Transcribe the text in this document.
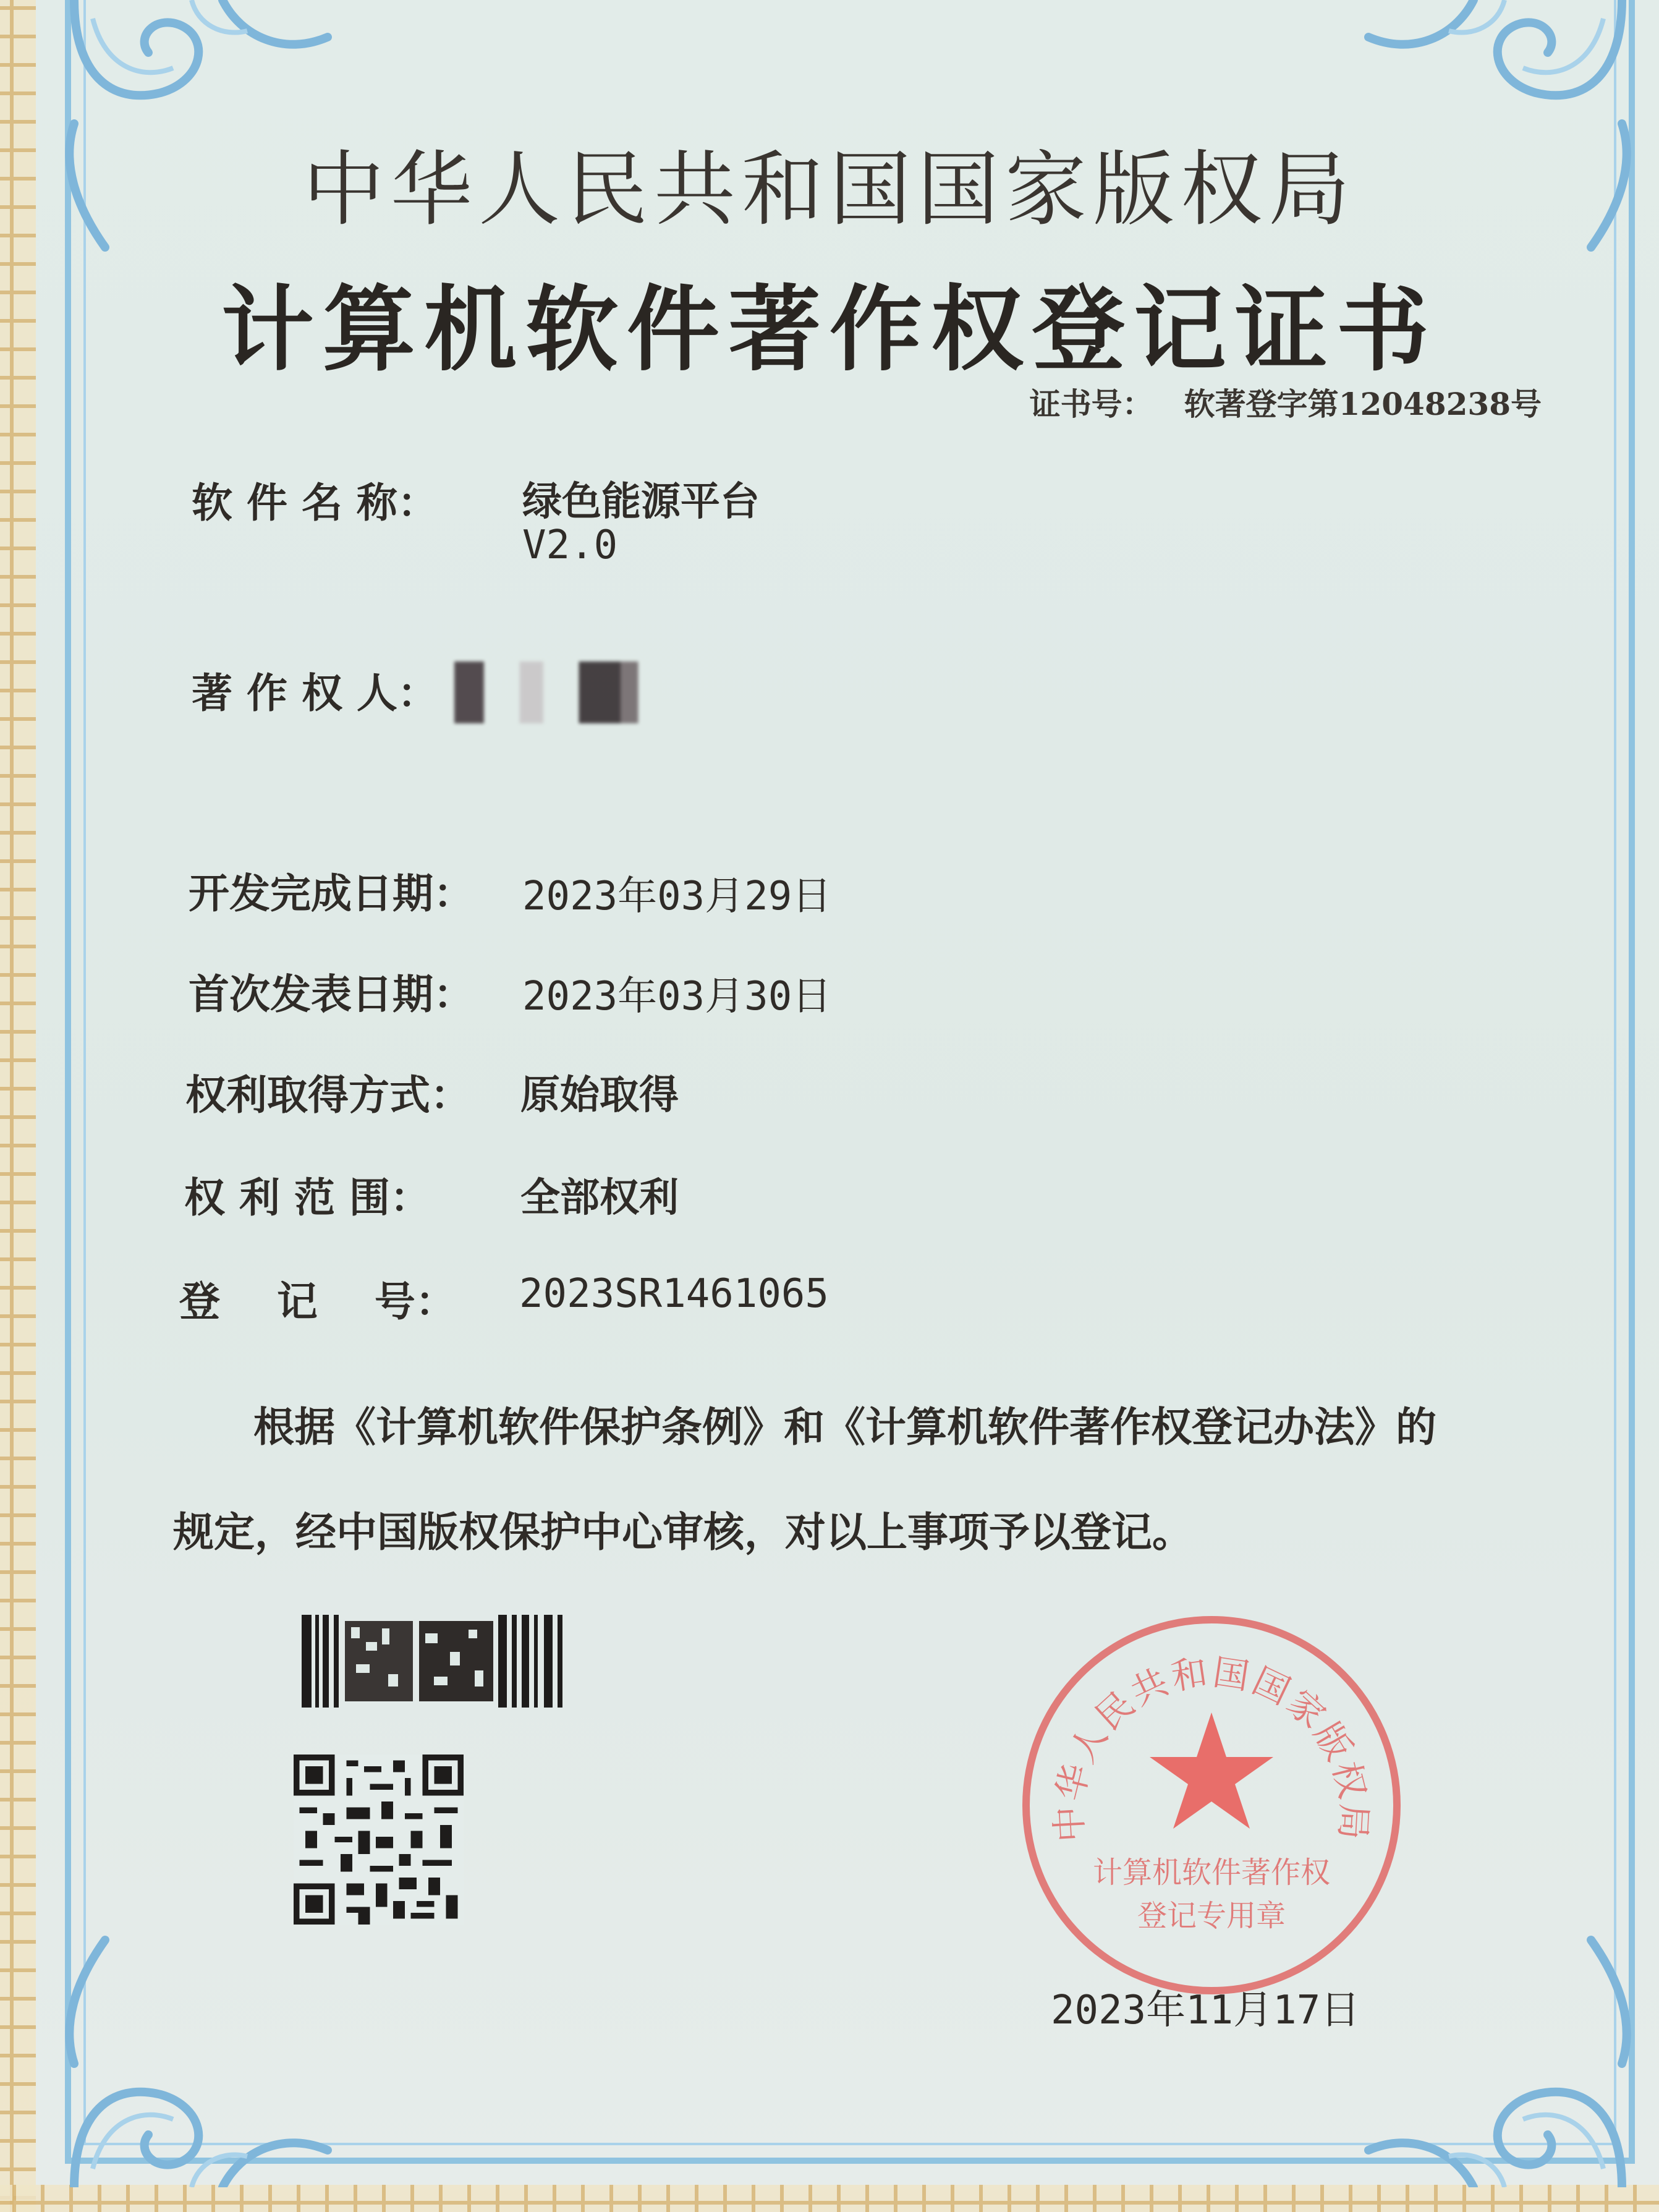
中华人民共和国国家版权局
计算机软件著作权登记证书
证书号： 软著登字第12048238号
软 件 名 称： 绿色能源平台
V2.0
著 作 权 人：
开发完成日期： 2023年03月29日
首次发表日期： 2023年03月30日
权利取得方式： 原始取得
权 利 范 围： 全部权利
登    记    号： 2023SR1461065
根据《计算机软件保护条例》和《计算机软件著作权登记办法》的
规定，经中国版权保护中心审核，对以上事项予以登记。
中华人民共和国国家版权局
计算机软件著作权
登记专用章
2023年11月17日
